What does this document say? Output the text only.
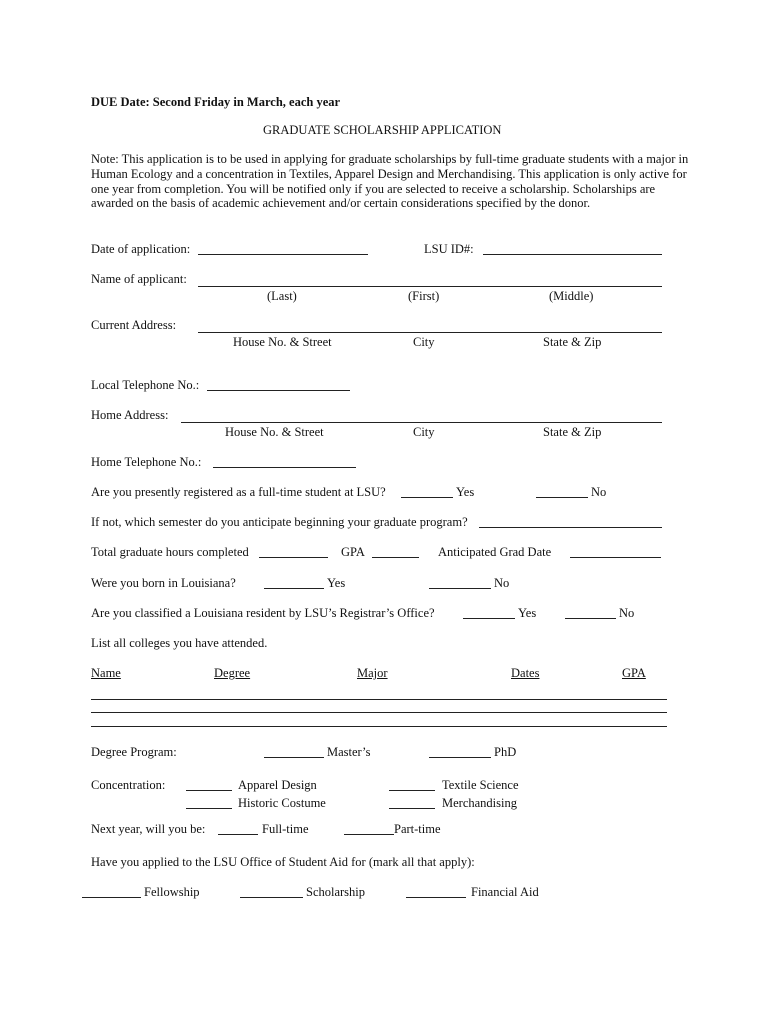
DUE Date: Second Friday in March, each year
GRADUATE SCHOLARSHIP APPLICATION
Note: This application is to be used in applying for graduate scholarships by full-time graduate students with a major in Human Ecology and a concentration in Textiles, Apparel Design and Merchandising. This application is only active for one year from completion. You will be notified only if you are selected to receive a scholarship. Scholarships are awarded on the basis of academic achievement and/or certain considerations specified by the donor.
Date of application:	LSU ID#:
Name of applicant:
(Last)	(First)	(Middle)
Current Address:
House No. & Street	City	State & Zip
Local Telephone No.:
Home Address:
House No. & Street	City	State & Zip
Home Telephone No.:
Are you presently registered as a full-time student at LSU?	Yes	No
If not, which semester do you anticipate beginning your graduate program?
Total graduate hours completed	GPA	Anticipated Grad Date
Were you born in Louisiana?	Yes	No
Are you classified a Louisiana resident by LSU’s Registrar’s Office?	Yes	No
List all colleges you have attended.
Name	Degree	Major	Dates	GPA
Degree Program:	Master’s	PhD
Concentration:	Apparel Design	Textile Science
Historic Costume	Merchandising
Next year, will you be:	Full-time	Part-time
Have you applied to the LSU Office of Student Aid for (mark all that apply):
Fellowship	Scholarship	Financial Aid
